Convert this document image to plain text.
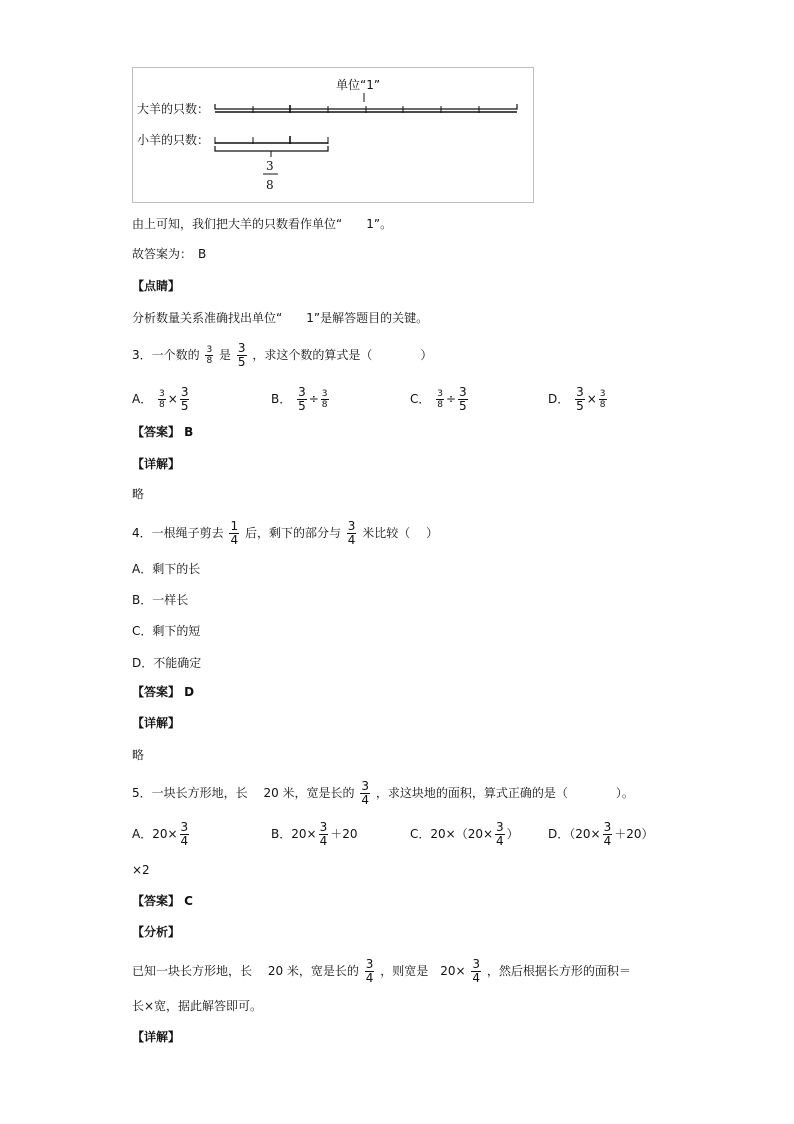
单位“1”
大羊的只数：
小羊的只数：
3
8
由上可知，我们把大羊的只数看作单位“　　1”。
故答案为：　B
【点睛】
分析数量关系准确找出单位“　　1”是解答题目的关键。
3．一个数的 $\frac{3}{8}$ 是 $\frac{3}{5}$ ，求这个数的算式是（　　　　）
A． $\frac{3}{8} \times \frac{3}{5}$	B． $\frac{3}{5} \div \frac{3}{8}$	C． $\frac{3}{8} \div \frac{3}{5}$	D． $\frac{3}{5} \times \frac{3}{8}$
【答案】 B
【详解】
略
4．一根绳子剪去 $\frac{1}{4}$ 后，剩下的部分与 $\frac{3}{4}$ 米比较（　 ）
A．剩下的长
B．一样长
C．剩下的短
D．不能确定
【答案】 D
【详解】
略
5．一块长方形地，长　 20 米，宽是长的 $\frac{3}{4}$ ，求这块地的面积，算式正确的是（　　　　）。
A．$20\times \frac{3}{4}$	B．$20\times \frac{3}{4} +20$	C．$20\times(20\times \frac{3}{4}$ ） D．$(20\times \frac{3}{4} +20)$
×2
【答案】 C
【分析】
已知一块长方形地，长　 20 米，宽是长的 $\frac{3}{4}$ ，则宽是　$20\times \frac{3}{4}$ ，然后根据长方形的面积＝
长×宽，据此解答即可。
【详解】
